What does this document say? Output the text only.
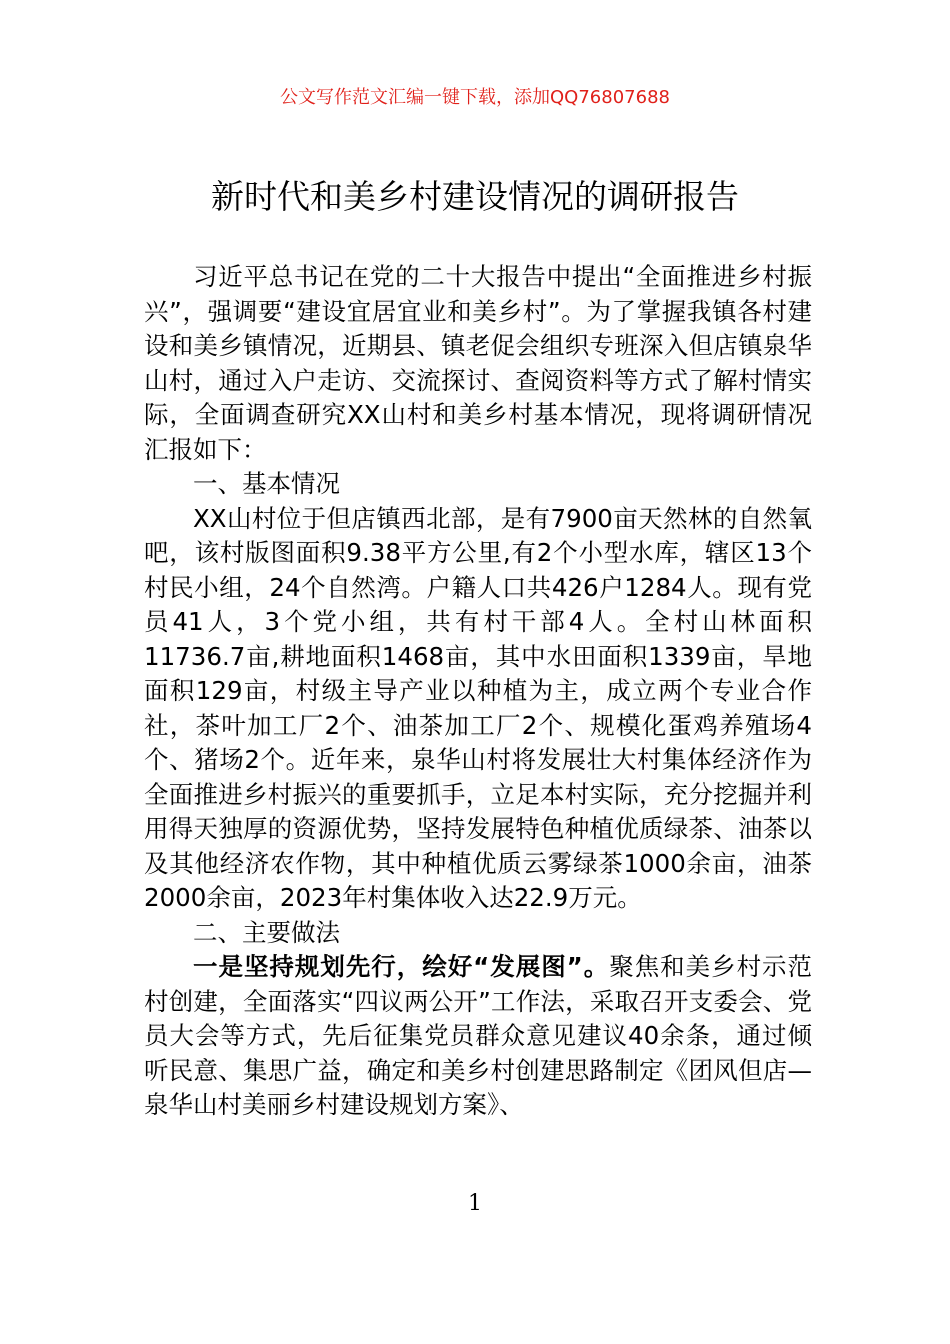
公文写作范文汇编一键下载，添加QQ76807688
新时代和美乡村建设情况的调研报告

习近平总书记在党的二十大报告中提出“全面推进乡村振兴”，强调要“建设宜居宜业和美乡村”。为了掌握我镇各村建设和美乡镇情况，近期县、镇老促会组织专班深入但店镇泉华山村，通过入户走访、交流探讨、查阅资料等方式了解村情实际，全面调查研究XX山村和美乡村基本情况，现将调研情况汇报如下：

一、基本情况

XX山村位于但店镇西北部，是有7900亩天然林的自然氧吧，该村版图面积9.38平方公里,有2个小型水库，辖区13个村民小组，24个自然湾。户籍人口共426户1284人。现有党员41人，3个党小组，共有村干部4人。全村山林面积11736.7亩,耕地面积1468亩，其中水田面积1339亩，旱地面积129亩，村级主导产业以种植为主，成立两个专业合作社，茶叶加工厂2个、油茶加工厂2个、规模化蛋鸡养殖场4个、猪场2个。近年来，泉华山村将发展壮大村集体经济作为全面推进乡村振兴的重要抓手，立足本村实际，充分挖掘并利用得天独厚的资源优势，坚持发展特色种植优质绿茶、油茶以及其他经济农作物，其中种植优质云雾绿茶1000余亩，油茶2000余亩，2023年村集体收入达22.9万元。

二、主要做法

一是坚持规划先行，绘好“发展图”。聚焦和美乡村示范村创建，全面落实“四议两公开”工作法，采取召开支委会、党员大会等方式，先后征集党员群众意见建议40余条，通过倾听民意、集思广益，确定和美乡村创建思路制定《团风但店—泉华山村美丽乡村建设规划方案》、

1
